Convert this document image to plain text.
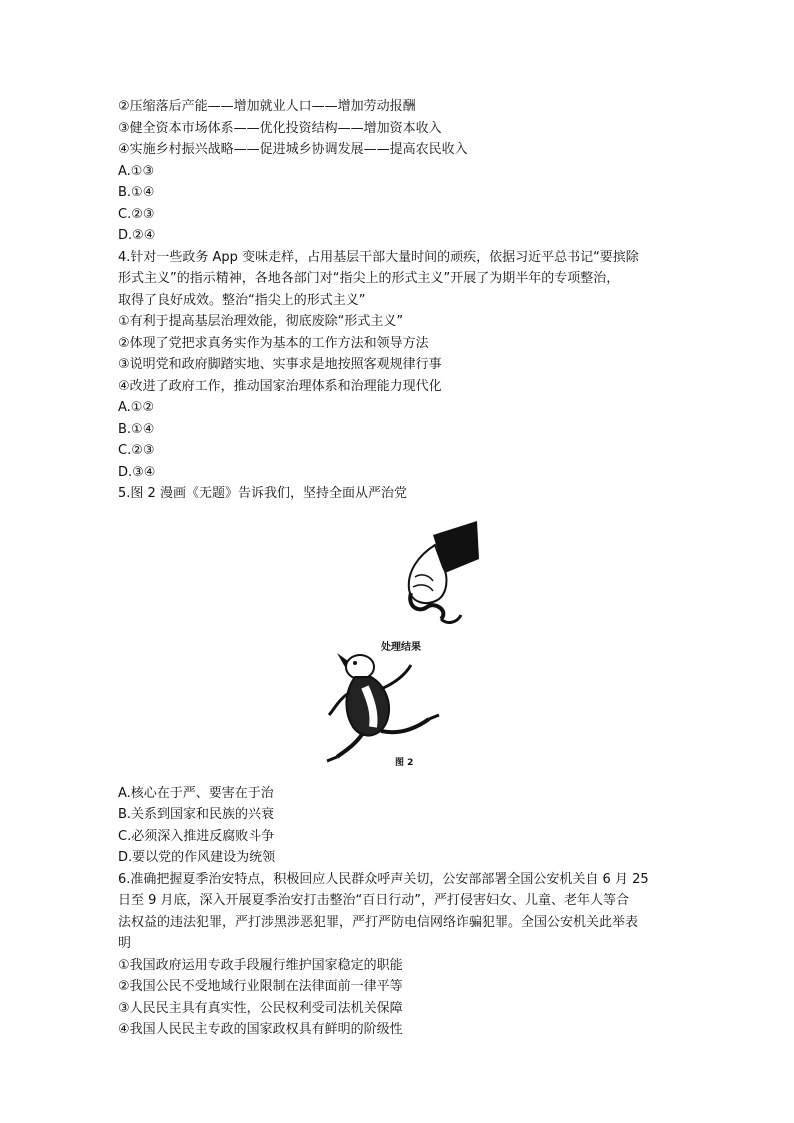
②压缩落后产能——增加就业人口——增加劳动报酬
③健全资本市场体系——优化投资结构——增加资本收入
④实施乡村振兴战略——促进城乡协调发展——提高农民收入
A.①③
B.①④
C.②③
D.②④
4.针对一些政务 App 变味走样，占用基层干部大量时间的顽疾，依据习近平总书记“要摈除
形式主义”的指示精神，各地各部门对“指尖上的形式主义”开展了为期半年的专项整治，
取得了良好成效。整治“指尖上的形式主义”
①有利于提高基层治理效能，彻底废除“形式主义”
②体现了党把求真务实作为基本的工作方法和领导方法
③说明党和政府脚踏实地、实事求是地按照客观规律行事
④改进了政府工作，推动国家治理体系和治理能力现代化
A.①②
B.①④
C.②③
D.③④
5.图 2 漫画《无题》告诉我们，坚持全面从严治党
处理结果
图 2
A.核心在于严、要害在于治
B.关系到国家和民族的兴衰
C.必须深入推进反腐败斗争
D.要以党的作风建设为统领
6.准确把握夏季治安特点，积极回应人民群众呼声关切，公安部部署全国公安机关自 6 月 25
日至 9 月底，深入开展夏季治安打击整治“百日行动”，严打侵害妇女、儿童、老年人等合
法权益的违法犯罪，严打涉黑涉恶犯罪，严打严防电信网络诈骗犯罪。全国公安机关此举表
明
①我国政府运用专政手段履行维护国家稳定的职能
②我国公民不受地域行业限制在法律面前一律平等
③人民民主具有真实性，公民权利受司法机关保障
④我国人民民主专政的国家政权具有鲜明的阶级性
